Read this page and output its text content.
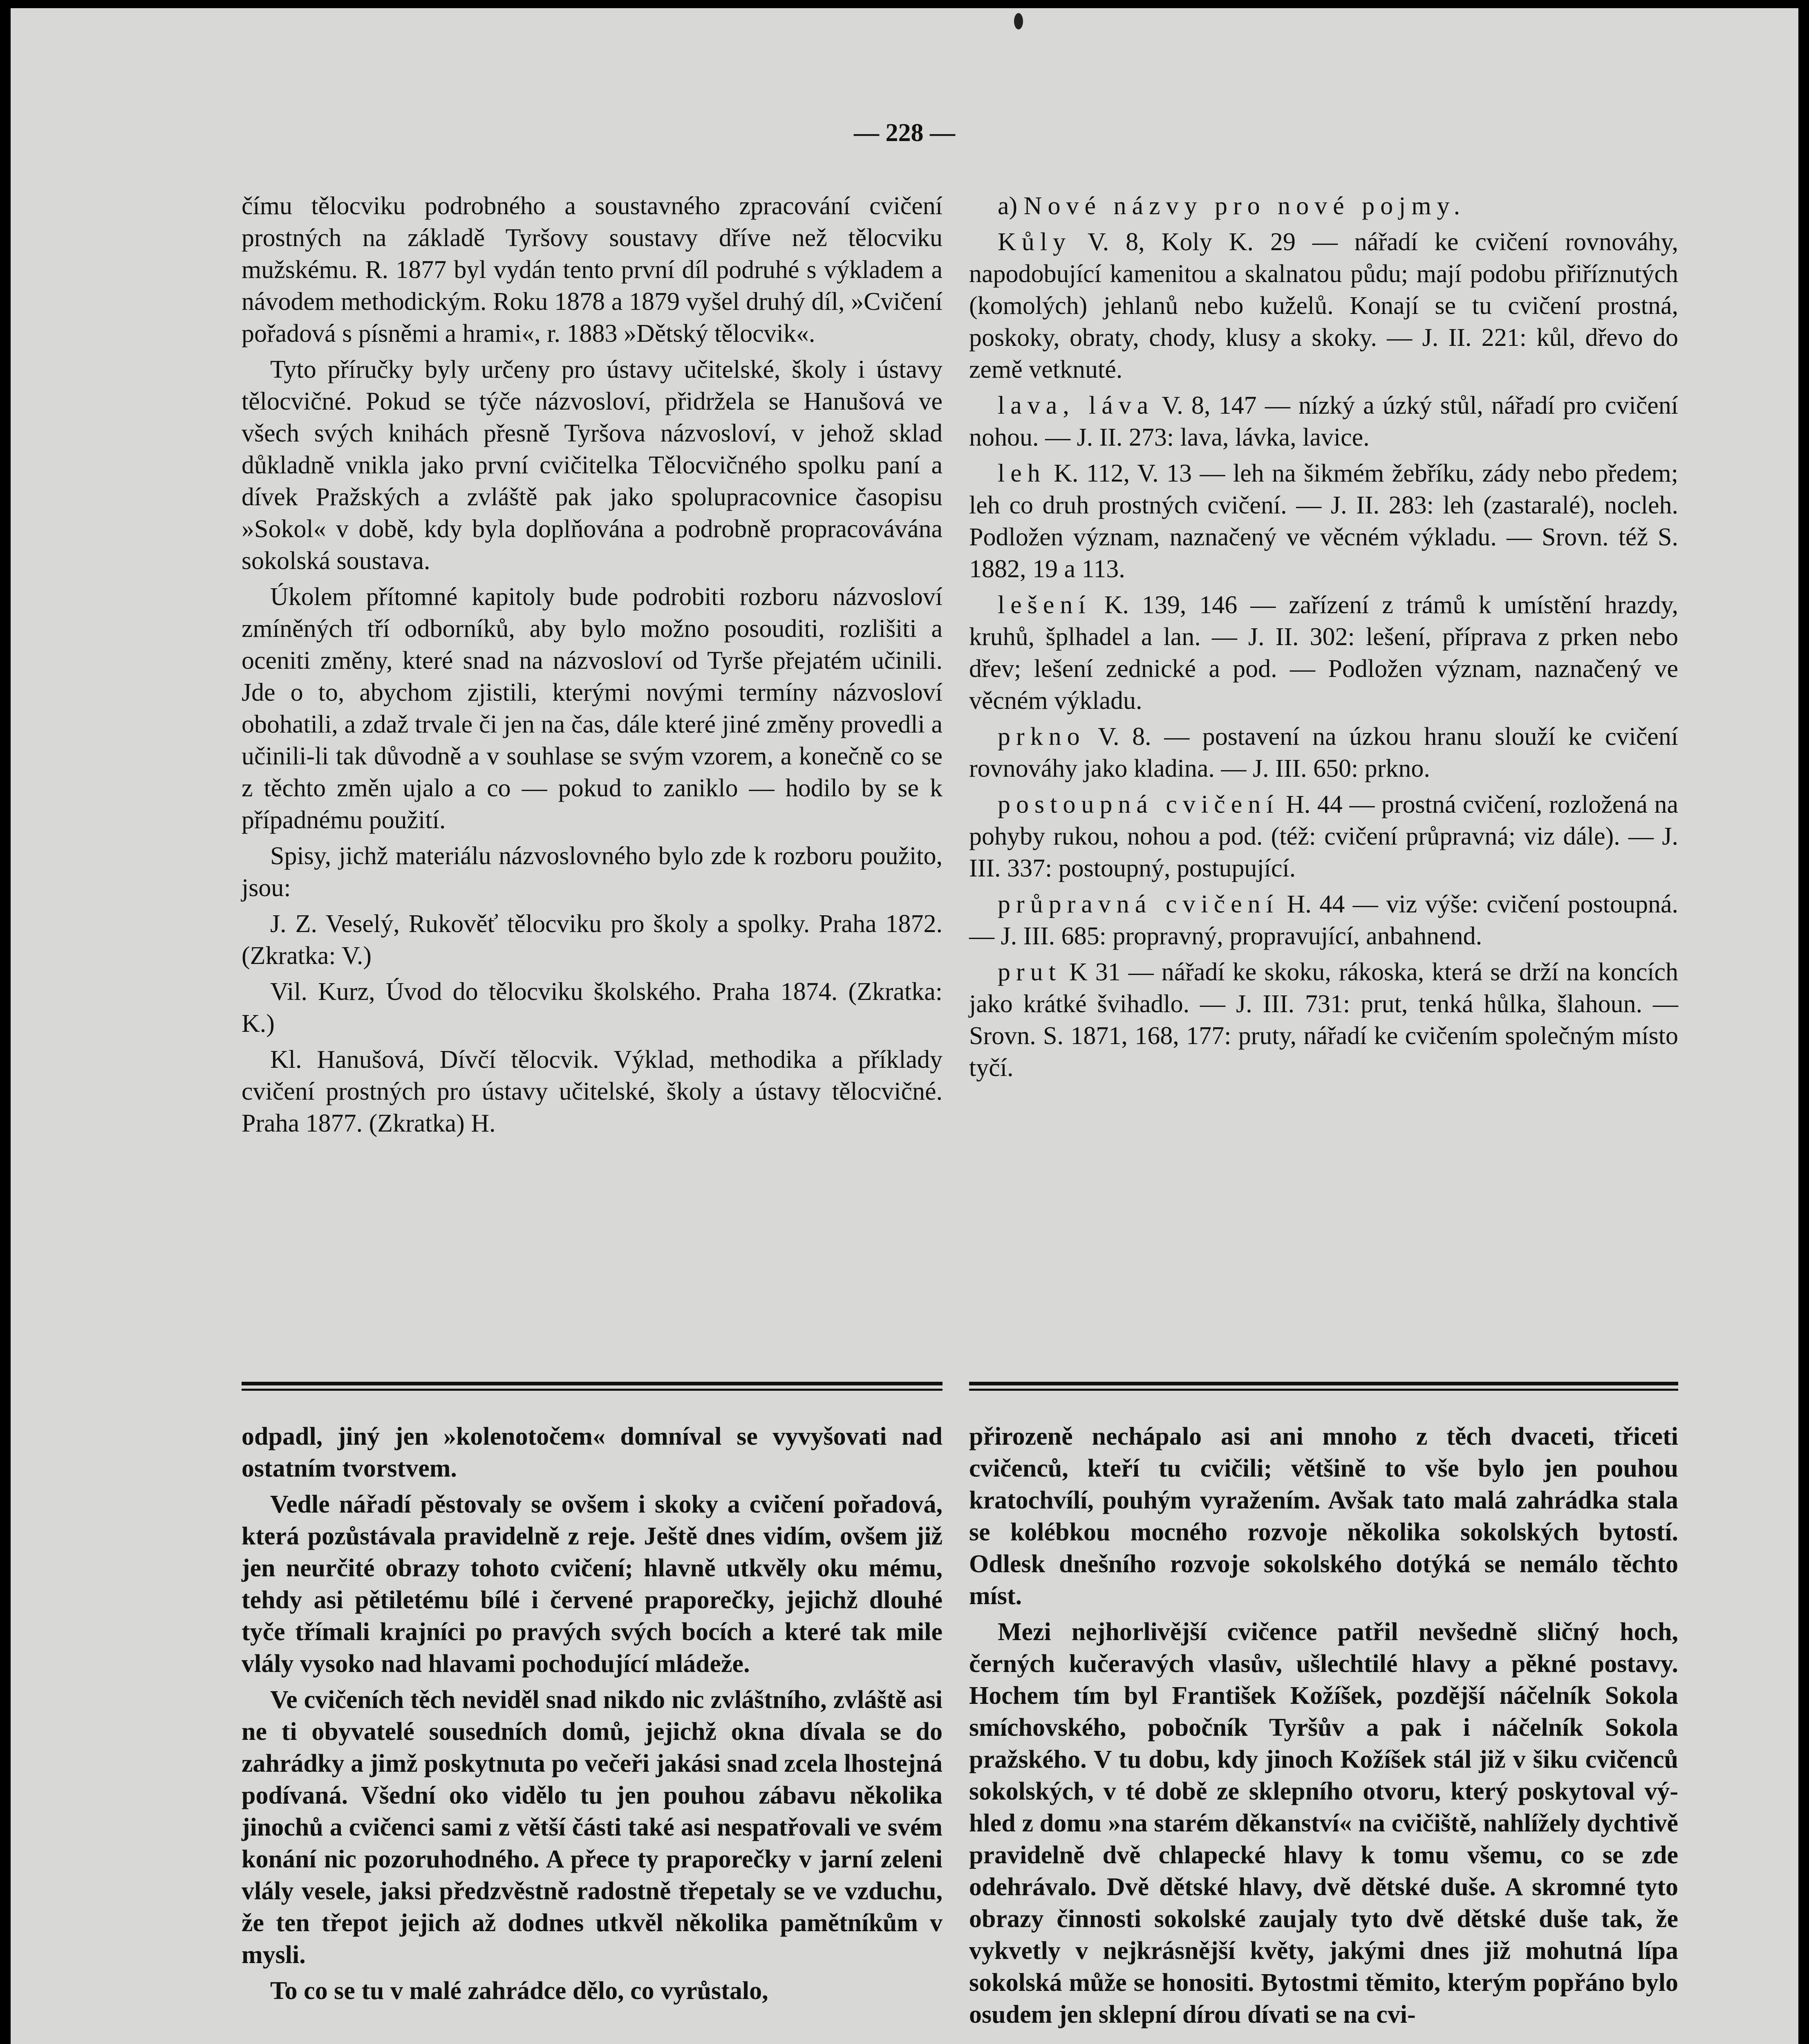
— 228 —

čímu tělocviku podrobného a soustavného zpracování cvičení prostných na základě Tyršovy soustavy dříve než tělocviku mužskému. R. 1877 byl vydán tento první díl podruhé s výkladem a návodem methodickým. Roku 1878 a 1879 vyšel druhý díl, »Cvičení pořadová s písněmi a hrami«, r. 1883 »Dětský tělocvik«.

Tyto příručky byly určeny pro ústavy učitelské, školy i ústavy tělocvičné. Pokud se týče názvosloví, přidržela se Hanušová ve všech svých knihách přesně Tyršova názvosloví, v jehož sklad důkladně vnikla jako první cvičitelka Tělocvičného spolku paní a dívek Pražských a zvláště pak jako spolupracovnice časopisu »Sokol« v době, kdy byla doplňována a podrobně propracovávána sokolská soustava.

Úkolem přítomné kapitoly bude podrobiti rozboru názvosloví zmíněných tří odborníků, aby bylo možno posouditi, rozlišiti a oceniti změny, které snad na názvosloví od Tyrše přejatém učinili. Jde o to, abychom zjistili, kterými novými termíny názvosloví obohatili, a zdaž trvale či jen na čas, dále které jiné změny provedli a učinili-li tak důvodně a v souhlase se svým vzorem, a konečně co se z těchto změn ujalo a co — pokud to zaniklo — hodilo by se k případnému použití.

Spisy, jichž materiálu názvoslovného bylo zde k rozboru použito, jsou:

J. Z. Veselý, Rukověť tělocviku pro školy a spolky. Praha 1872. (Zkratka: V.)

Vil. Kurz, Úvod do tělocviku školského. Praha 1874. (Zkratka: K.)

Kl. Hanušová, Dívčí tělocvik. Výklad, methodika a příklady cvičení prostných pro ústavy učitelské, školy a ústavy tělocvičné. Praha 1877. (Zkratka) H.

a) Nové názvy pro nové pojmy.

Kůly V. 8, Koly K. 29 — nářadí ke cvičení rovnováhy, napodobující kamenitou a skalnatou půdu; mají podobu přiříznutých (komolých) jehlanů nebo kuželů. Konají se tu cvičení prostná, poskoky, obraty, chody, klusy a skoky. — J. II. 221: kůl, dřevo do země vetknuté.

lava, láva V. 8, 147 — nízký a úzký stůl, nářadí pro cvičení nohou. — J. II. 273: lava, lávka, lavice.

leh K. 112, V. 13 — leh na šikmém žebříku, zády nebo předem; leh co druh prostných cvičení. — J. II. 283: leh (zastaralé), nocleh. Podložen význam, naznačený ve věcném výkladu. — Srovn. též S. 1882, 19 a 113.

lešení K. 139, 146 — zařízení z trámů k umístění hrazdy, kruhů, šplhadel a lan. — J. II. 302: lešení, příprava z prken nebo dřev; lešení zednické a pod. — Podložen význam, naznačený ve věcném výkladu.

prkno V. 8. — postavení na úzkou hranu slouží ke cvičení rovnováhy jako kladina. — J. III. 650: prkno.

postoupná cvičení H. 44 — prostná cvičení, rozložená na pohyby rukou, nohou a pod. (též: cvičení průpravná; viz dále). — J. III. 337: postoupný, postupující.

průpravná cvičení H. 44 — viz výše: cvičení postoupná. — J. III. 685: propravný, propravující, anbahnend.

prut K 31 — nářadí ke skoku, rákoska, která se drží na koncích jako krátké švihadlo. — J. III. 731: prut, tenká hůlka, šlahoun. — Srovn. S. 1871, 168, 177: pruty, nářadí ke cvičením společným místo tyčí.

odpadl, jiný jen »kolenotočem« domníval se vyvyšovati nad ostatním tvorstvem.

Vedle nářadí pěstovaly se ovšem i skoky a cvičení pořadová, která pozůstávala pravidelně z reje. Ještě dnes vidím, ovšem již jen neurčité obrazy tohoto cvičení; hlavně utkvěly oku mému, tehdy asi pětiletému bílé i červené praporečky, jejichž dlouhé tyče třímali krajníci po pravých svých bocích a které tak mile vlály vysoko nad hlavami pochodující mládeže.

Ve cvičeních těch neviděl snad nikdo nic zvláštního, zvláště asi ne ti obyvatelé sousedních domů, jejichž okna dívala se do zahrádky a jimž poskytnuta po večeři jakási snad zcela lhostejná podívaná. Všední oko vidělo tu jen pouhou zábavu několika jinochů a cvičenci sami z větší části také asi nespatřovali ve svém konání nic pozoruhodného. A přece ty praporečky v jarní zeleni vlály vesele, jaksi předzvěstně radostně třepetaly se ve vzduchu, že ten třepot jejich až dodnes utkvěl několika pamětníkům v mysli.

To co se tu v malé zahrádce dělo, co vyrůstalo,

přirozeně nechápalo asi ani mnoho z těch dvaceti, třiceti cvičenců, kteří tu cvičili; většině to vše bylo jen pouhou kratochvílí, pouhým vyražením. Avšak tato malá zahrádka stala se kolébkou mocného rozvoje několika sokolských bytostí. Odlesk dnešního rozvoje sokolského dotýká se nemálo těchto míst.

Mezi nejhorlivější cvičence patřil nevšedně sličný hoch, černých kučeravých vlasův, ušlechtilé hlavy a pěkné postavy. Hochem tím byl František Kožíšek, pozdější náčelník Sokola smíchovského, pobočník Tyršův a pak i náčelník Sokola pražského. V tu dobu, kdy jinoch Kožíšek stál již v šiku cvičenců sokolských, v té době ze sklepního otvoru, který poskytoval výhled z domu »na starém děkanství« na cvičiště, nahlížely dychtivě pravidelně dvě chlapecké hlavy k tomu všemu, co se zde odehrávalo. Dvě dětské hlavy, dvě dětské duše. A skromné tyto obrazy činnosti sokolské zaujaly tyto dvě dětské duše tak, že vykvetly v nejkrásnější květy, jakými dnes již mohutná lípa sokolská může se honositi. Bytostmi těmito, kterým popřáno bylo osudem jen sklepní dírou dívati se na cvi-
